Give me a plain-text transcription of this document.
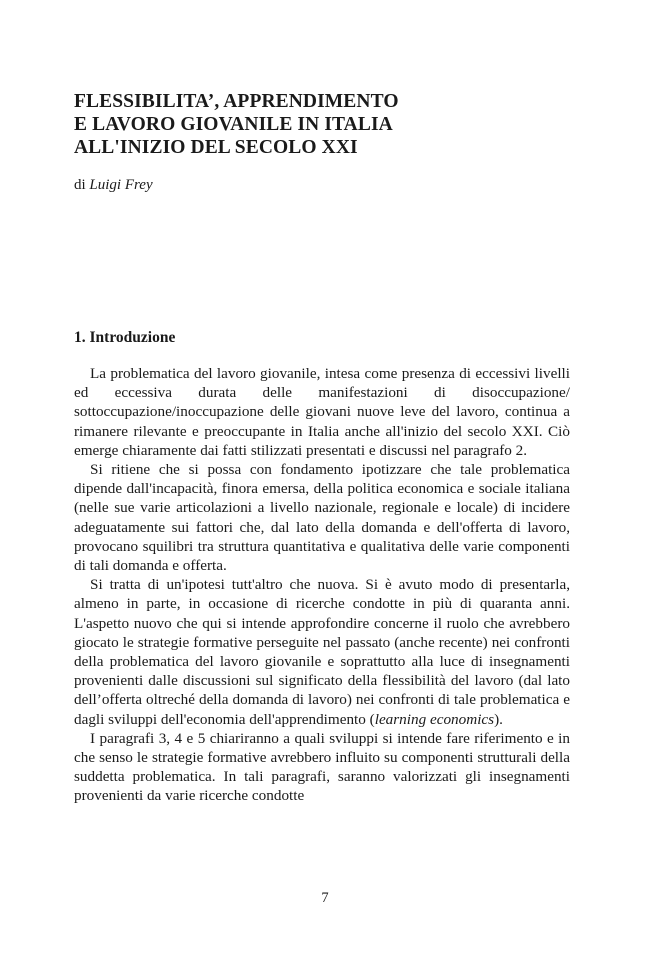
FLESSIBILITA’, APPRENDIMENTO
E LAVORO GIOVANILE IN ITALIA
ALL'INIZIO DEL SECOLO XXI
di Luigi Frey
1. Introduzione

La problematica del lavoro giovanile, intesa come presenza di eccessivi livelli ed eccessiva durata delle manifestazioni di disoccupazione/ sottoccupazione/inoccupazione delle giovani nuove leve del lavoro, continua a rimanere rilevante e preoccupante in Italia anche all'inizio del secolo XXI. Ciò emerge chiaramente dai fatti stilizzati presentati e discussi nel paragrafo 2.

Si ritiene che si possa con fondamento ipotizzare che tale problematica dipende dall'incapacità, finora emersa, della politica economica e sociale italiana (nelle sue varie articolazioni a livello nazionale, regionale e locale) di incidere adeguatamente sui fattori che, dal lato della domanda e dell'offerta di lavoro, provocano squilibri tra struttura quantitativa e qualitativa delle varie componenti di tali domanda e offerta.

Si tratta di un'ipotesi tutt'altro che nuova. Si è avuto modo di presentarla, almeno in parte, in occasione di ricerche condotte in più di quaranta anni. L'aspetto nuovo che qui si intende approfondire concerne il ruolo che avrebbero giocato le strategie formative perseguite nel passato (anche recente) nei confronti della problematica del lavoro giovanile e soprattutto alla luce di insegnamenti provenienti dalle discussioni sul significato della flessibilità del lavoro (dal lato dell’offerta oltreché della domanda di lavoro) nei confronti di tale problematica e dagli sviluppi dell'economia dell'apprendimento (learning economics).

I paragrafi 3, 4 e 5 chiariranno a quali sviluppi si intende fare riferimento e in che senso le strategie formative avrebbero influito su componenti strutturali della suddetta problematica. In tali paragrafi, saranno valorizzati gli insegnamenti provenienti da varie ricerche condotte

7
